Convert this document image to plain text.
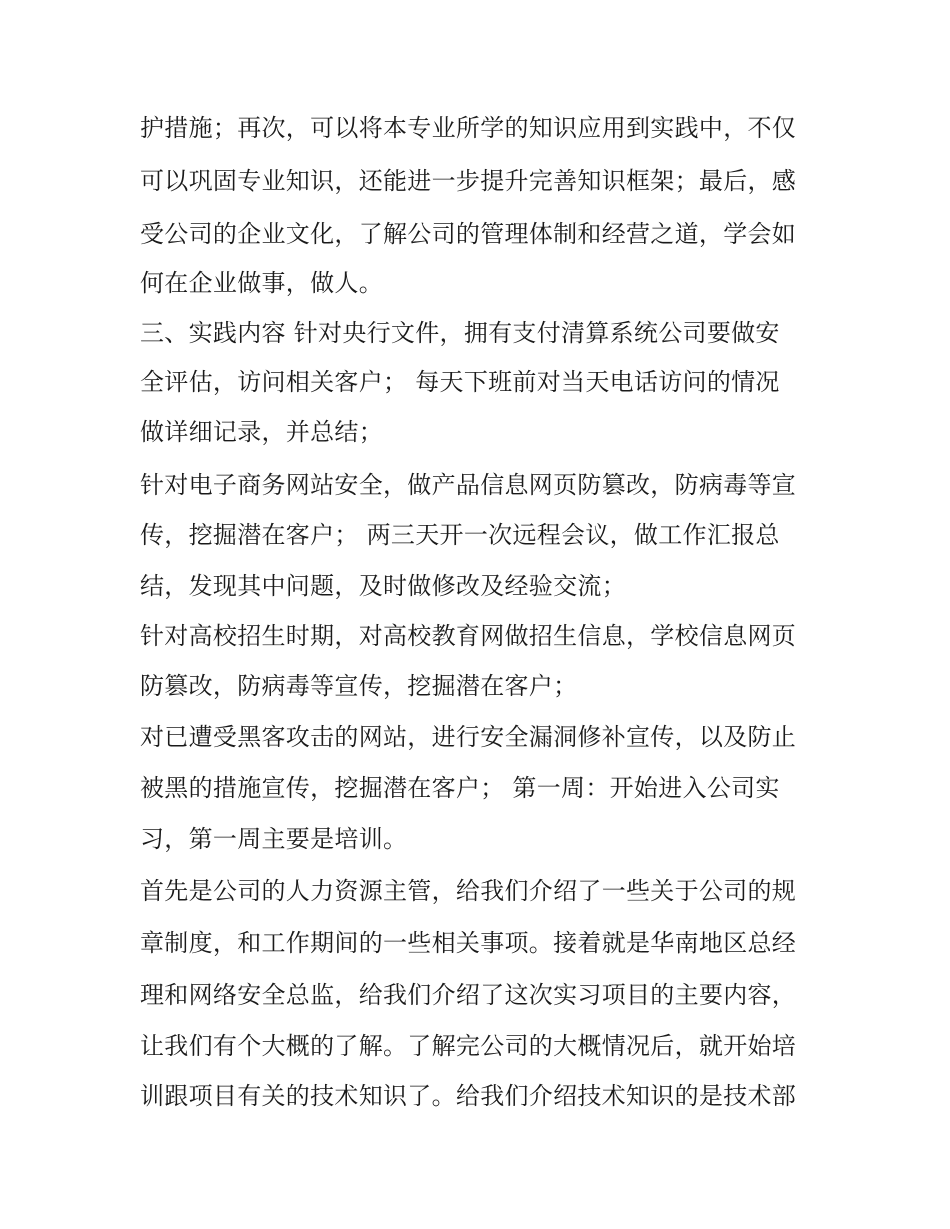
护措施；再次，可以将本专业所学的知识应用到实践中，不仅
可以巩固专业知识，还能进一步提升完善知识框架；最后，感
受公司的企业文化，了解公司的管理体制和经营之道，学会如
何在企业做事，做人。
三、实践内容 针对央行文件，拥有支付清算系统公司要做安
全评估，访问相关客户； 每天下班前对当天电话访问的情况
做详细记录，并总结；
针对电子商务网站安全，做产品信息网页防篡改，防病毒等宣
传，挖掘潜在客户； 两三天开一次远程会议，做工作汇报总
结，发现其中问题，及时做修改及经验交流；
针对高校招生时期，对高校教育网做招生信息，学校信息网页
防篡改，防病毒等宣传，挖掘潜在客户；
对已遭受黑客攻击的网站，进行安全漏洞修补宣传，以及防止
被黑的措施宣传，挖掘潜在客户； 第一周：开始进入公司实
习，第一周主要是培训。
首先是公司的人力资源主管，给我们介绍了一些关于公司的规
章制度，和工作期间的一些相关事项。接着就是华南地区总经
理和网络安全总监，给我们介绍了这次实习项目的主要内容，
让我们有个大概的了解。了解完公司的大概情况后，就开始培
训跟项目有关的技术知识了。给我们介绍技术知识的是技术部
